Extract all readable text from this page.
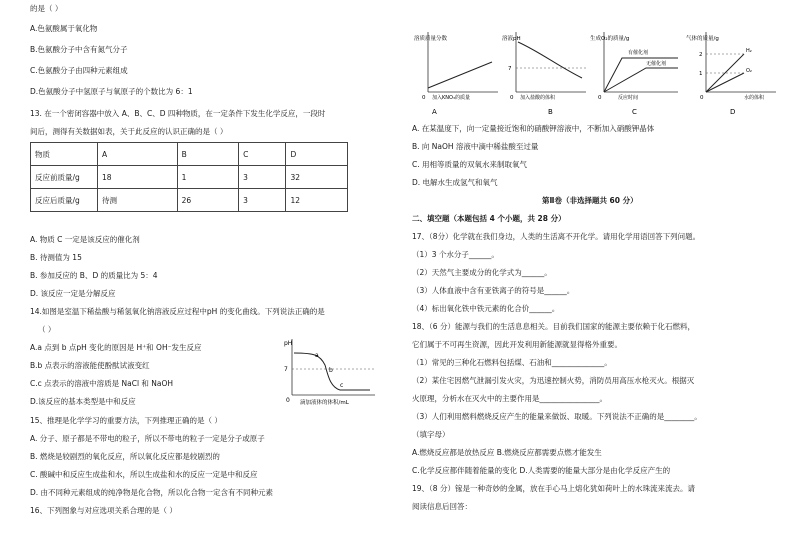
的是（ ）
A.色氨酸属于氧化物
B.色氨酸分子中含有氮气分子
C.色氨酸分子由四种元素组成
D.色氨酸分子中氢原子与氧原子的个数比为 6：1
13. 在一个密闭容器中放入 A、B、C、D 四种物质，在一定条件下发生化学反应，一段时
间后，测得有关数据如表，关于此反应的认识正确的是（ ）
物质	A	B	C	D
反应前质量/g	18	1	3	32
反应后质量/g	待测	26	3	12
A. 物质 C 一定是该反应的催化剂
B. 待测值为 15
B. 参加反应的 B、D 的质量比为 5：4
D. 该反应一定是分解反应
14.如图是室温下稀盐酸与稀氢氧化钠溶液反应过程中pH 的变化曲线。下列说法正确的是
（ ）
A.a 点到 b 点pH 变化的原因是 H⁺和 OH⁻发生反应
B.b 点表示的溶液能使酚酞试液变红
C.c 点表示的溶液中溶质是 NaCl 和 NaOH
D.该反应的基本类型是中和反应
pH
7
0
a
b
c
滴加液体的体积/mL
15、推理是化学学习的重要方法，下列推理正确的是（ ）
A. 分子、原子都是不带电的粒子，所以不带电的粒子一定是分子或原子
B. 燃烧是较剧烈的氧化反应，所以氧化反应都是较剧烈的
C. 酸碱中和反应生成盐和水，所以生成盐和水的反应一定是中和反应
D. 由不同种元素组成的纯净物是化合物，所以化合物一定含有不同种元素
16、下列图象与对应选项关系合理的是（ ）
溶质质量分数
0 加入KNO₃的质量
A
溶液pH
7
0 加入盐酸的体积
B
生成O₂的质量/g
有催化剂
无催化剂
0	反应时间
C
气体的质量/g
2
1
H₂
O₂
0	水的体积
D
A. 在某温度下，向一定量接近饱和的硝酸钾溶液中，不断加入硝酸钾晶体
B. 向 NaOH 溶液中滴中稀盐酸至过量
C. 用相等质量的双氧水来制取氧气
D. 电解水生成氢气和氧气
第Ⅱ卷（非选择题共 60 分）
二、填空题（本题包括 4 个小题，共 28 分）
17、（8分）化学就在我们身边，人类的生活离不开化学。请用化学用语回答下列问题。
（1）3 个水分子______。
（2）天然气主要成分的化学式为______。
（3）人体血液中含有亚铁离子的符号是______。
（4）标出氧化铁中铁元素的化合价______。
18、（6 分）能源与我们的生活息息相关。目前我们国家的能源主要依赖于化石燃料，
它们属于不可再生资源，因此开发利用新能源就显得格外重要。
（1）常见的三种化石燃料包括煤、石油和______________。
（2）某住宅因燃气泄漏引发火灾，为迅速控制火势，消防员用高压水枪灭火。根据灭
火原理，分析水在灭火中的主要作用是________________。
（3）人们利用燃料燃烧反应产生的能量来做饭、取暖。下列说法不正确的是________。
（填字母）
A.燃烧反应都是放热反应 B.燃烧反应都需要点燃才能发生
C.化学反应都伴随着能量的变化 D.人类需要的能量大部分是由化学反应产生的
19、（8 分）镓是一种奇妙的金属，放在手心马上熔化犹如荷叶上的水珠流来流去。请
阅读信息后回答：
